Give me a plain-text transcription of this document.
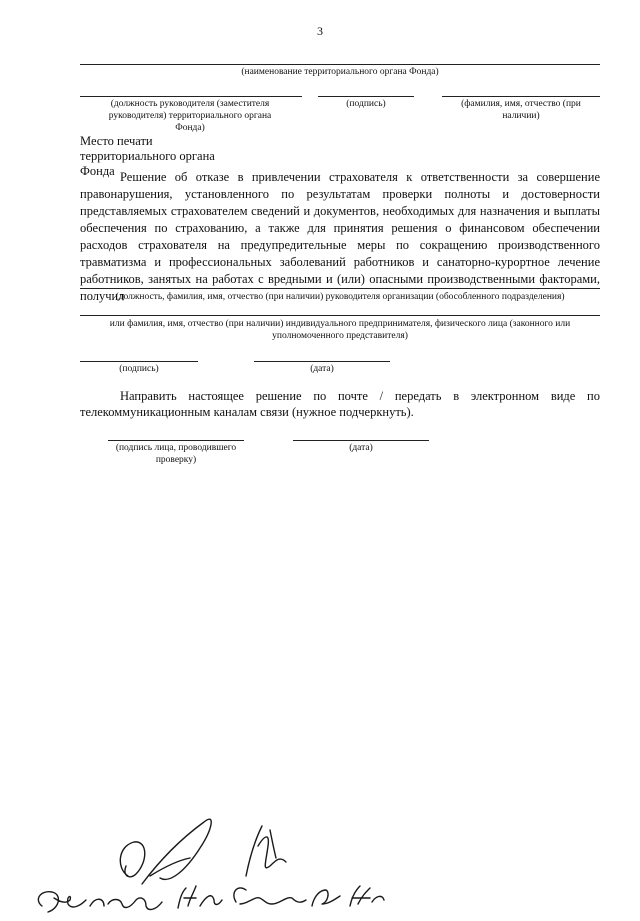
3
(наименование территориального органа Фонда)
(должность руководителя (заместителя руководителя) территориального органа Фонда)
(подпись)	(фамилия, имя, отчество (при наличии)
Место печати территориального органа Фонда Решение об отказе в привлечении страхователя к ответственности за совершение правонарушения, установленного по результатам проверки полноты и достоверности представляемых страхователем сведений и документов, необходимых для назначения и выплаты обеспечения по страхованию, а также для принятия решения о финансовом обеспечении расходов страхователя на предупредительные меры по сокращению производственного травматизма и профессиональных заболеваний работников и санаторно-курортное лечение работников, занятых на работах с вредными и (или) опасными производственными факторами, получил
(должность, фамилия, имя, отчество (при наличии) руководителя организации (обособленного подразделения)
или фамилия, имя, отчество (при наличии) индивидуального предпринимателя, физического лица (законного или уполномоченного представителя)
(подпись)	(дата)
Направить настоящее решение по почте / передать в электронном виде по телекоммуникационным каналам связи (нужное подчеркнуть).
(подпись лица, проводившего проверку)
(дата)
